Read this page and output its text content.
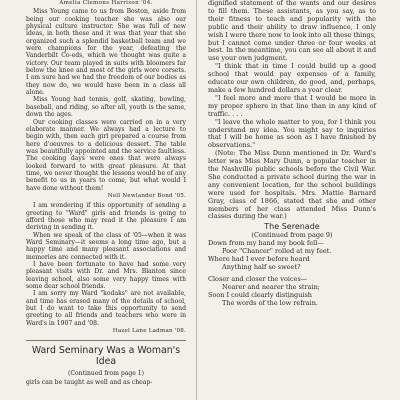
Amelia Clemons Harrison '04.

Miss Young came to us from Boston, aside from being our cooking teacher she was also our physical culture instructor. She was full of new ideas, in both these and it was that year that she organized such a splendid basketball team and we were champions for the year, defeating the Vanderbilt Co-eds, which we thought was quite a victory. Our team played in suits with bloomers far below the knee and most of the girls wore corsets. I am sure had we had the freedom of our bodies as they now do, we would have been in a class all alone.

Miss Young had tennis, golf, skating, bowling, baseball, and riding, so after all, youth is the same, down the ages.

Our cooking classes were carried on in a very elaborate manner. We always had a lecture to begin with, then each girl prepared a course from here d'oeuvres to a delicious dessert. The table was beautifully appointed and the service faultless. The cooking days were ones that were always looked forward to with great pleasure. At that time, we never thought the lessons would be of any benefit to us in years to come, but what would I have done without them!

Nell Newlander Bond '05.

I am wondering if this opportunity of sending a greeting to "Ward" girls and friends is going to afford those who may read it the pleasure I am deriving in sending it.

When we speak of the class of '05—when it was Ward Seminary—it seems a long time ago, but a happy time and many pleasant associations and memories are connected with it.

I have been fortunate to have had some very pleasant visits with Dr. and Mrs. Blanton since leaving school, also some very happy times with some dear school friends.

I am sorry my Ward "kodaks" are not available, and time has erased many of the details of school, but I do want to take this opportunity to send greeting to all friends and teachers who were in Ward's in 1907 and '08.

Hazel Lane Ladman '08.
Ward Seminary Was a Woman's Idea
(Continued from page 1)

girls can be taught as well and as cheap-

dignified statement of the wants and our desires to fill them. These assistants, as you say, as to their fitness to teach and popularity with the public and their ability to draw influence, I only wish I were there now to look into all these things, but I cannot come under three or four weeks at best. In the meantime, you can see all about it and use your own judgment.

"I think that in time I could build up a good school that would pay expenses of a family, educate our own children, do good, and, perhaps, make a few hundred dollars a year clear.

"I feel more and more that I would be more in my proper sphere in that line than in any kind of traffic. . . .

"I leave the whole matter to you, for I think you understand my idea. You might say to inquiries that I will be home as soon as I have finished by observations."

(Note: The Miss Dunn mentioned in Dr. Ward's letter was Miss Mary Dunn, a popular teacher in the Nashville public schools before the Civil War. She conducted a private school during the war in any convenient location, for the school buildings were used for hospitals. Mrs. Mattie Barnard Gray, class of 1866, stated that she and other members of her class attended Miss Dunn's classes during the war.)

The Serenade
(Continued from page 9)

Down from my hand my book fell—

Poor "Chancer" rolled at my feet.

Where had I ever before heard

Anything half so sweet?

Closer and closer the voices—

Nearer and nearer the strain;

Soon I could clearly distinguish

The words of the low refrain.
